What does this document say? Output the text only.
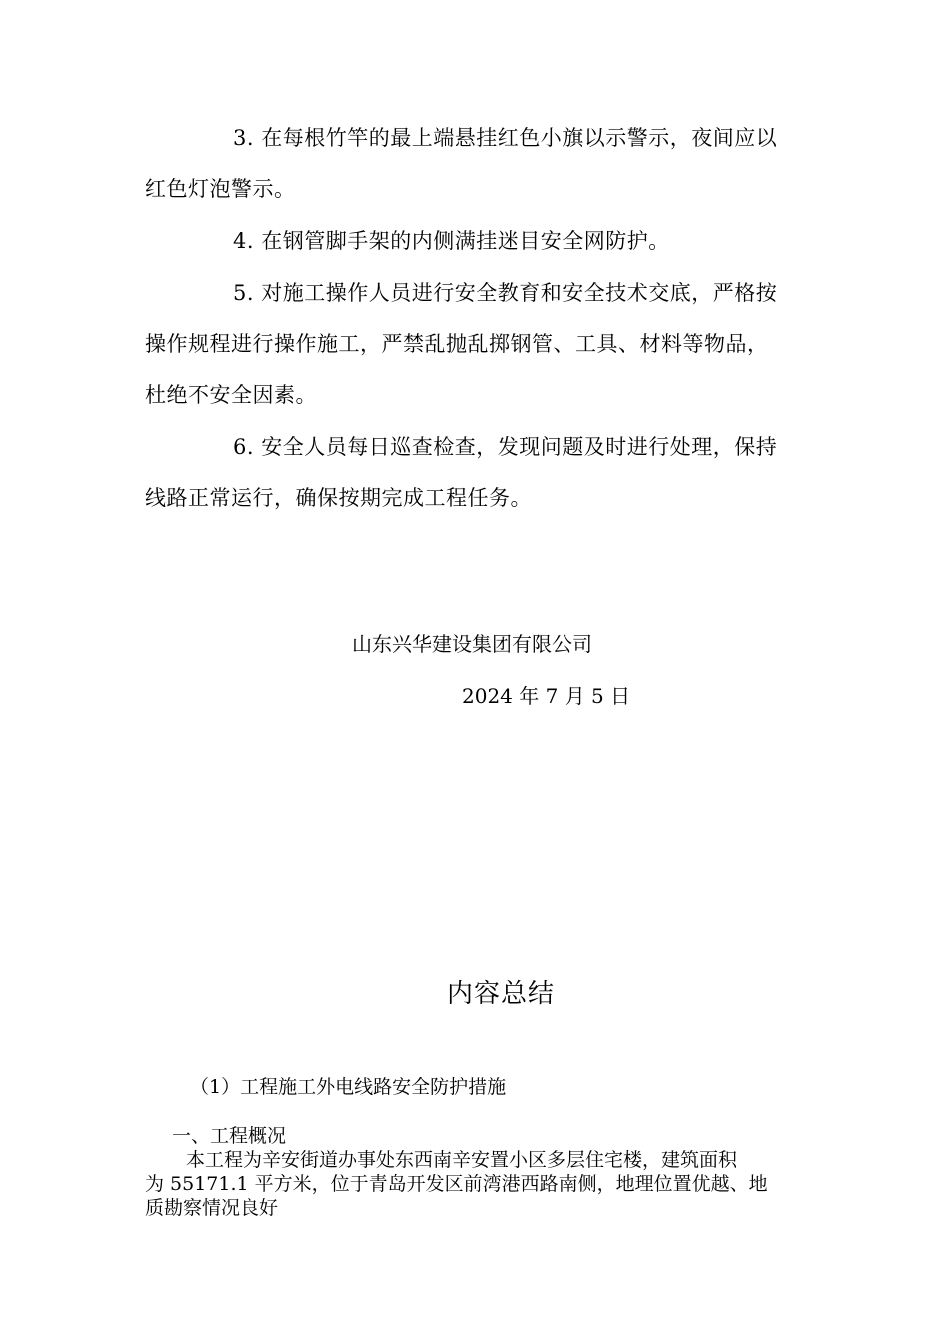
3. 在每根竹竿的最上端悬挂红色小旗以示警示，夜间应以
红色灯泡警示。
4. 在钢管脚手架的内侧满挂迷目安全网防护。
5. 对施工操作人员进行安全教育和安全技术交底，严格按
操作规程进行操作施工，严禁乱抛乱掷钢管、工具、材料等物品，
杜绝不安全因素。
6. 安全人员每日巡查检查，发现问题及时进行处理，保持
线路正常运行，确保按期完成工程任务。
山东兴华建设集团有限公司
2024 年 7 月 5 日
内容总结
（1）工程施工外电线路安全防护措施
一、工程概况
本工程为辛安街道办事处东西南辛安置小区多层住宅楼，建筑面积
为 55171.1 平方米，位于青岛开发区前湾港西路南侧，地理位置优越、地
质勘察情况良好
